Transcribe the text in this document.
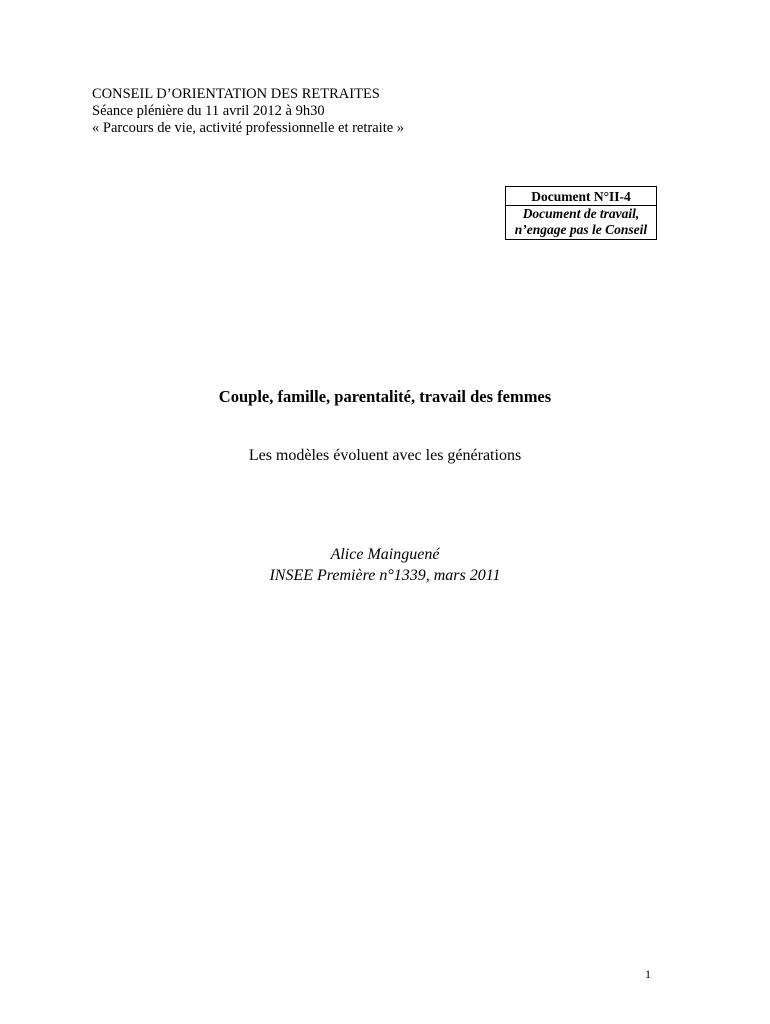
CONSEIL D’ORIENTATION DES RETRAITES
Séance plénière du 11 avril 2012 à 9h30
« Parcours de vie, activité professionnelle et retraite »
Document N°II-4
Document de travail,
n’engage pas le Conseil
Couple, famille, parentalité, travail des femmes
Les modèles évoluent avec les générations
Alice Mainguené
INSEE Première n°1339, mars 2011
1
